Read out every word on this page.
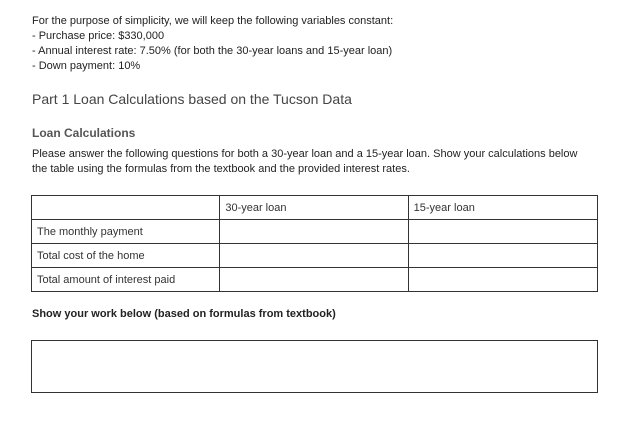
For the purpose of simplicity, we will keep the following variables constant:
- Purchase price: $330,000
- Annual interest rate: 7.50% (for both the 30-year loans and 15-year loan)
- Down payment: 10%
Part 1 Loan Calculations based on the Tucson Data
Loan Calculations
Please answer the following questions for both a 30-year loan and a 15-year loan. Show your calculations below the table using the formulas from the textbook and the provided interest rates.
	30-year loan	15-year loan
The monthly payment		
Total cost of the home		
Total amount of interest paid		
Show your work below (based on formulas from textbook)
